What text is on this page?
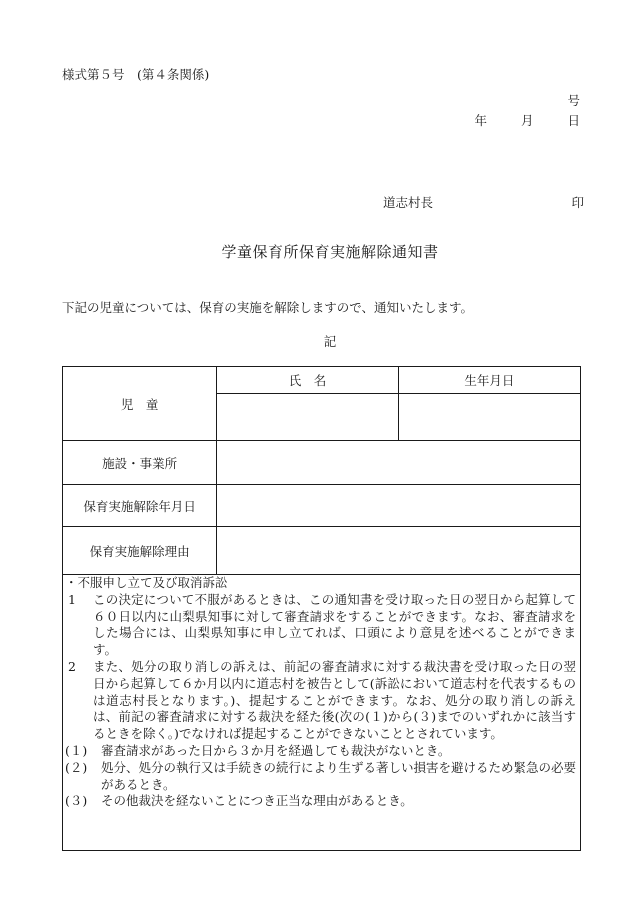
様式第５号　(第４条関係)
号
年	月	日
道志村長	印
学童保育所保育実施解除通知書
下記の児童については、保育の実施を解除しますので、通知いたします。
記
児　童	氏　名	生年月日

施設・事業所		
保育実施解除年月日		
保育実施解除理由		

・不服申し立て及び取消訴訟

1	この決定について不服があるときは、この通知書を受け取った日の翌日から起算して６０日以内に山梨県知事に対して審査請求をすることができます。なお、審査請求をした場合には、山梨県知事に申し立てれば、口頭により意見を述べることができます。
2	また、処分の取り消しの訴えは、前記の審査請求に対する裁決書を受け取った日の翌日から起算して６か月以内に道志村を被告として(訴訟において道志村を代表するものは道志村長となります。)、提起することができます。なお、処分の取り消しの訴えは、前記の審査請求に対する裁決を経た後(次の(１)から(３)までのいずれかに該当するときを除く。)でなければ提起することができないこととされています。
(１)	審査請求があった日から３か月を経過しても裁決がないとき。
(２)	処分、処分の執行又は手続きの続行により生ずる著しい損害を避けるため緊急の必要があるとき。
(３)	その他裁決を経ないことにつき正当な理由があるとき。
